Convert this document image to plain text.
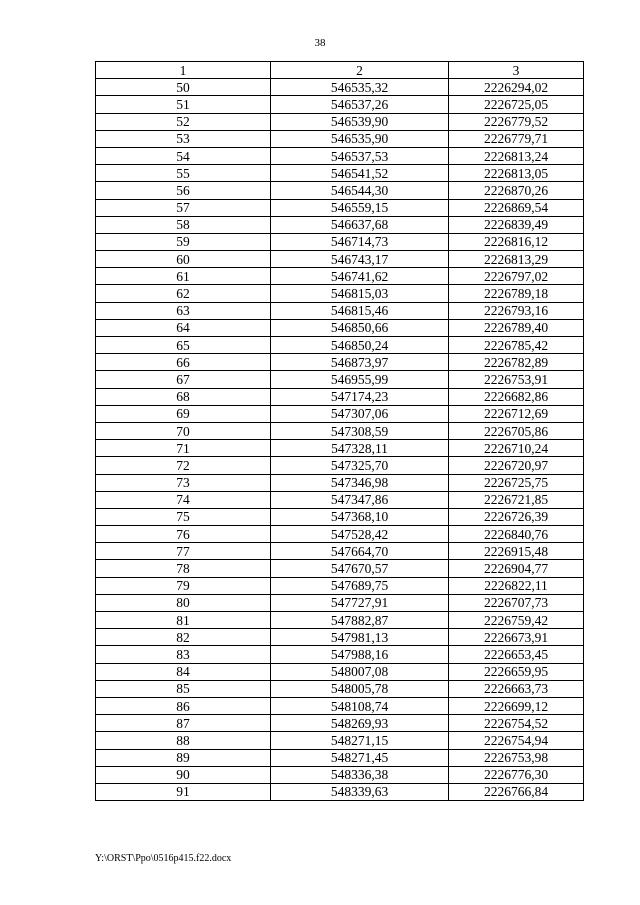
38
1	2	3
50	546535,32	2226294,02
51	546537,26	2226725,05
52	546539,90	2226779,52
53	546535,90	2226779,71
54	546537,53	2226813,24
55	546541,52	2226813,05
56	546544,30	2226870,26
57	546559,15	2226869,54
58	546637,68	2226839,49
59	546714,73	2226816,12
60	546743,17	2226813,29
61	546741,62	2226797,02
62	546815,03	2226789,18
63	546815,46	2226793,16
64	546850,66	2226789,40
65	546850,24	2226785,42
66	546873,97	2226782,89
67	546955,99	2226753,91
68	547174,23	2226682,86
69	547307,06	2226712,69
70	547308,59	2226705,86
71	547328,11	2226710,24
72	547325,70	2226720,97
73	547346,98	2226725,75
74	547347,86	2226721,85
75	547368,10	2226726,39
76	547528,42	2226840,76
77	547664,70	2226915,48
78	547670,57	2226904,77
79	547689,75	2226822,11
80	547727,91	2226707,73
81	547882,87	2226759,42
82	547981,13	2226673,91
83	547988,16	2226653,45
84	548007,08	2226659,95
85	548005,78	2226663,73
86	548108,74	2226699,12
87	548269,93	2226754,52
88	548271,15	2226754,94
89	548271,45	2226753,98
90	548336,38	2226776,30
91	548339,63	2226766,84
Y:\ORST\Ppo\0516p415.f22.docx
